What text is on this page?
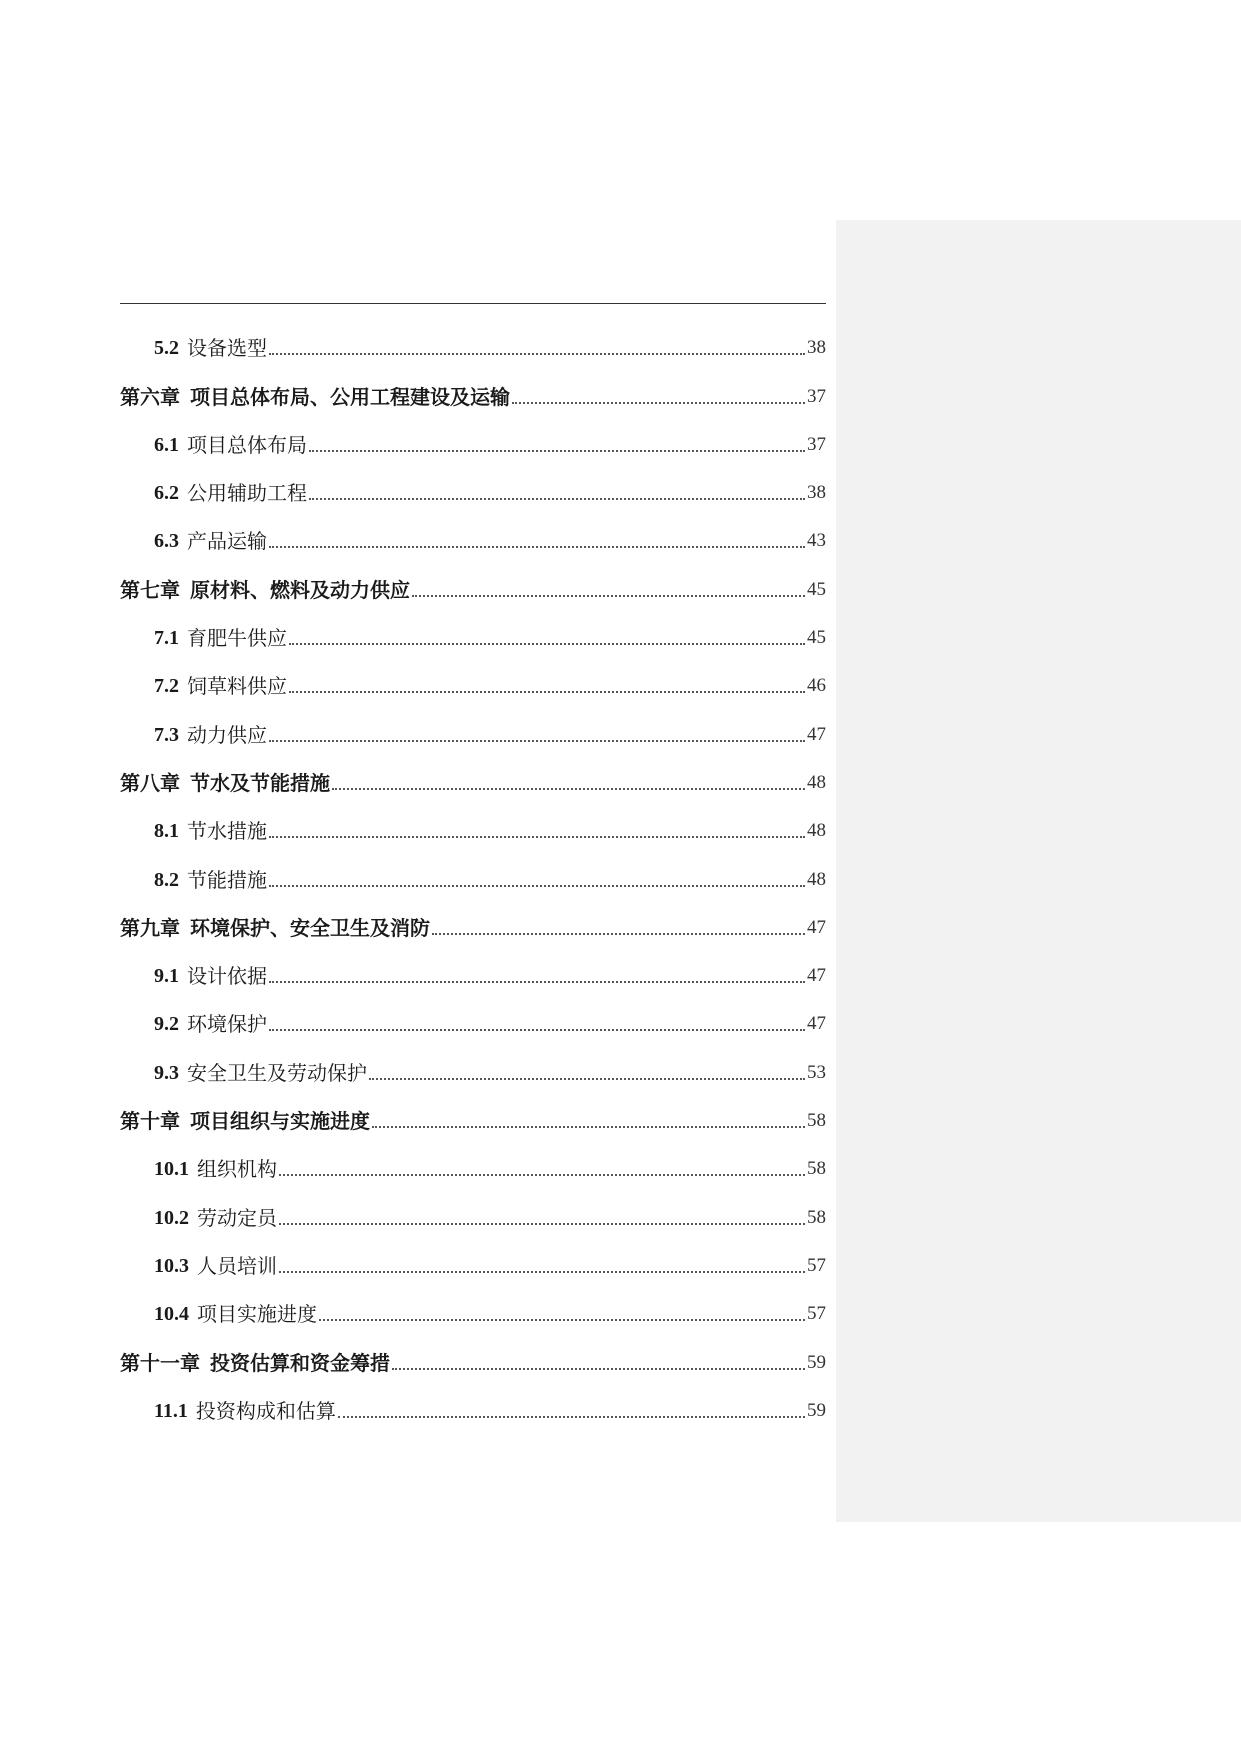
5.2 设备选型	38
第六章 项目总体布局、公用工程建设及运输	37
6.1 项目总体布局	37
6.2 公用辅助工程	38
6.3 产品运输	43
第七章 原材料、燃料及动力供应	45
7.1 育肥牛供应	45
7.2 饲草料供应	46
7.3 动力供应	47
第八章 节水及节能措施	48
8.1 节水措施	48
8.2 节能措施	48
第九章 环境保护、安全卫生及消防	47
9.1 设计依据	47
9.2 环境保护	47
9.3 安全卫生及劳动保护	53
第十章 项目组织与实施进度	58
10.1 组织机构	58
10.2 劳动定员	58
10.3 人员培训	57
10.4 项目实施进度	57
第十一章 投资估算和资金筹措	59
11.1 投资构成和估算	59
